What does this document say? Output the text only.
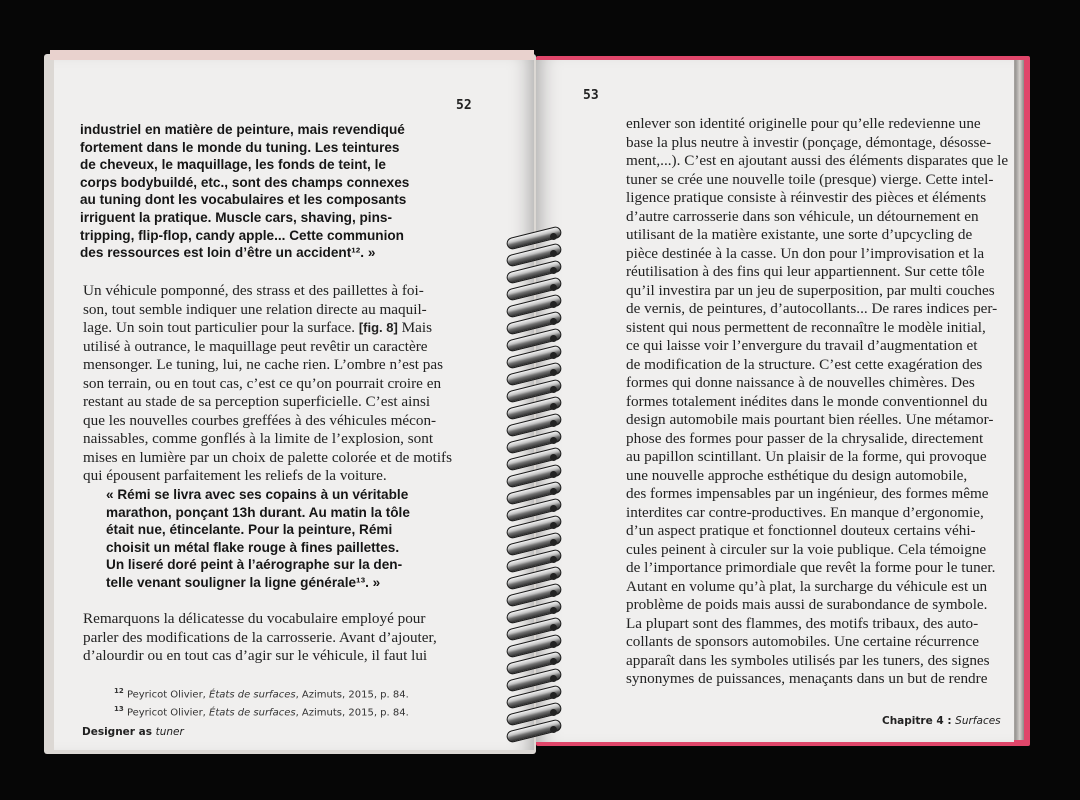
52
industriel en matière de peinture, mais revendiqué
fortement dans le monde du tuning. Les teintures
de cheveux, le maquillage, les fonds de teint, le
corps bodybuildé, etc., sont des champs connexes
au tuning dont les vocabulaires et les composants
irriguent la pratique. Muscle cars, shaving, pins-
tripping, flip-flop, candy apple... Cette communion
des ressources est loin d’être un accident¹². »
Un véhicule pomponné, des strass et des paillettes à foi-
son, tout semble indiquer une relation directe au maquil-
lage. Un soin tout particulier pour la surface. [fig. 8] Mais
utilisé à outrance, le maquillage peut revêtir un caractère
mensonger. Le tuning, lui, ne cache rien. L’ombre n’est pas
son terrain, ou en tout cas, c’est ce qu’on pourrait croire en
restant au stade de sa perception superficielle. C’est ainsi
que les nouvelles courbes greffées à des véhicules mécon-
naissables, comme gonflés à la limite de l’explosion, sont
mises en lumière par un choix de palette colorée et de motifs
qui épousent parfaitement les reliefs de la voiture.
« Rémi se livra avec ses copains à un véritable
marathon, ponçant 13h durant. Au matin la tôle
était nue, étincelante. Pour la peinture, Rémi
choisit un métal flake rouge à fines paillettes.
Un liseré doré peint à l’aérographe sur la den-
telle venant souligner la ligne générale¹³. »
Remarquons la délicatesse du vocabulaire employé pour
parler des modifications de la carrosserie. Avant d’ajouter,
d’alourdir ou en tout cas d’agir sur le véhicule, il faut lui
$^{12}$ Peyricot Olivier, États de surfaces, Azimuts, 2015, p. 84.
$^{13}$ Peyricot Olivier, États de surfaces, Azimuts, 2015, p. 84.
Designer as tuner
53
enlever son identité originelle pour qu’elle redevienne une
base la plus neutre à investir (ponçage, démontage, désosse-
ment,...). C’est en ajoutant aussi des éléments disparates que le
tuner se crée une nouvelle toile (presque) vierge. Cette intel-
ligence pratique consiste à réinvestir des pièces et éléments
d’autre carrosserie dans son véhicule, un détournement en
utilisant de la matière existante, une sorte d’upcycling de
pièce destinée à la casse. Un don pour l’improvisation et la
réutilisation à des fins qui leur appartiennent. Sur cette tôle
qu’il investira par un jeu de superposition, par multi couches
de vernis, de peintures, d’autocollants... De rares indices per-
sistent qui nous permettent de reconnaître le modèle initial,
ce qui laisse voir l’envergure du travail d’augmentation et
de modification de la structure. C’est cette exagération des
formes qui donne naissance à de nouvelles chimères. Des
formes totalement inédites dans le monde conventionnel du
design automobile mais pourtant bien réelles. Une métamor-
phose des formes pour passer de la chrysalide, directement
au papillon scintillant. Un plaisir de la forme, qui provoque
une nouvelle approche esthétique du design automobile,
des formes impensables par un ingénieur, des formes même
interdites car contre-productives. En manque d’ergonomie,
d’un aspect pratique et fonctionnel douteux certains véhi-
cules peinent à circuler sur la voie publique. Cela témoigne
de l’importance primordiale que revêt la forme pour le tuner.
Autant en volume qu’à plat, la surcharge du véhicule est un
problème de poids mais aussi de surabondance de symbole.
La plupart sont des flammes, des motifs tribaux, des auto-
collants de sponsors automobiles. Une certaine récurrence
apparaît dans les symboles utilisés par les tuners, des signes
synonymes de puissances, menaçants dans un but de rendre
Chapitre 4 : Surfaces
